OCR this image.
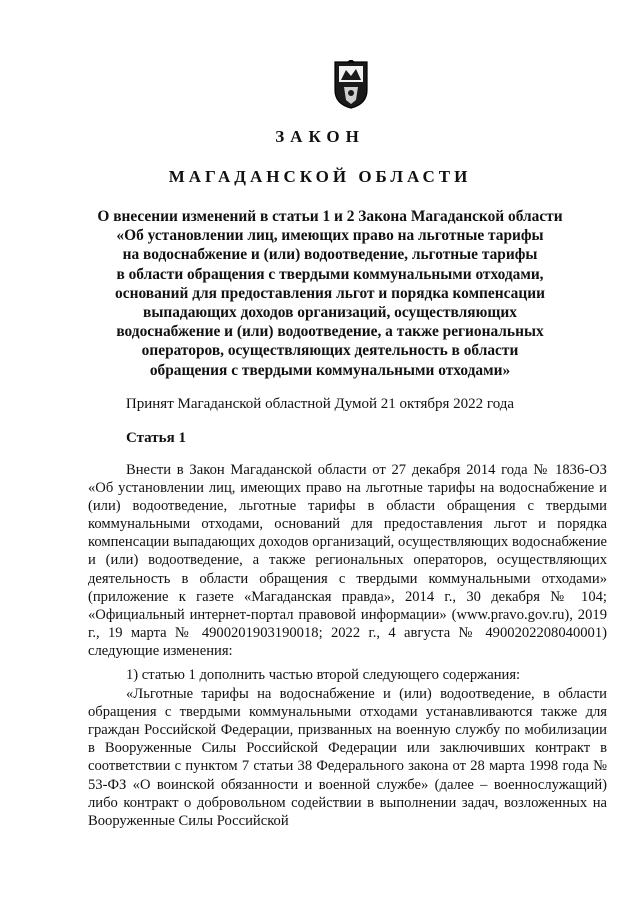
ЗАКОН
МАГАДАНСКОЙ ОБЛАСТИ
О внесении изменений в статьи 1 и 2 Закона Магаданской области
«Об установлении лиц, имеющих право на льготные тарифы
на водоснабжение и (или) водоотведение, льготные тарифы
в области обращения с твердыми коммунальными отходами,
оснований для предоставления льгот и порядка компенсации
выпадающих доходов организаций, осуществляющих
водоснабжение и (или) водоотведение, а также региональных
операторов, осуществляющих деятельность в области
обращения с твердыми коммунальными отходами»
Принят Магаданской областной Думой 21 октября 2022 года
Статья 1

Внести в Закон Магаданской области от 27 декабря 2014 года № 1836-ОЗ «Об установлении лиц, имеющих право на льготные тарифы на водоснабжение и (или) водоотведение, льготные тарифы в области обращения с твердыми коммунальными отходами, оснований для предоставления льгот и порядка компенсации выпадающих доходов организаций, осуществляющих водоснабжение и (или) водоотведение, а также региональных операторов, осуществляющих деятельность в области обращения с твердыми коммунальными отходами» (приложение к газете «Магаданская правда», 2014 г., 30 декабря № 104; «Официальный интернет-портал правовой информации» (www.pravo.gov.ru), 2019 г., 19 марта № 4900201903190018; 2022 г., 4 августа № 4900202208040001) следующие изменения:

1) статью 1 дополнить частью второй следующего содержания:

«Льготные тарифы на водоснабжение и (или) водоотведение, в области обращения с твердыми коммунальными отходами устанавливаются также для граждан Российской Федерации, призванных на военную службу по мобилизации в Вооруженные Силы Российской Федерации или заключивших контракт в соответствии с пунктом 7 статьи 38 Федерального закона от 28 марта 1998 года № 53-ФЗ «О воинской обязанности и военной службе» (далее – военнослужащий) либо контракт о добровольном содействии в выполнении задач, возложенных на Вооруженные Силы Российской
